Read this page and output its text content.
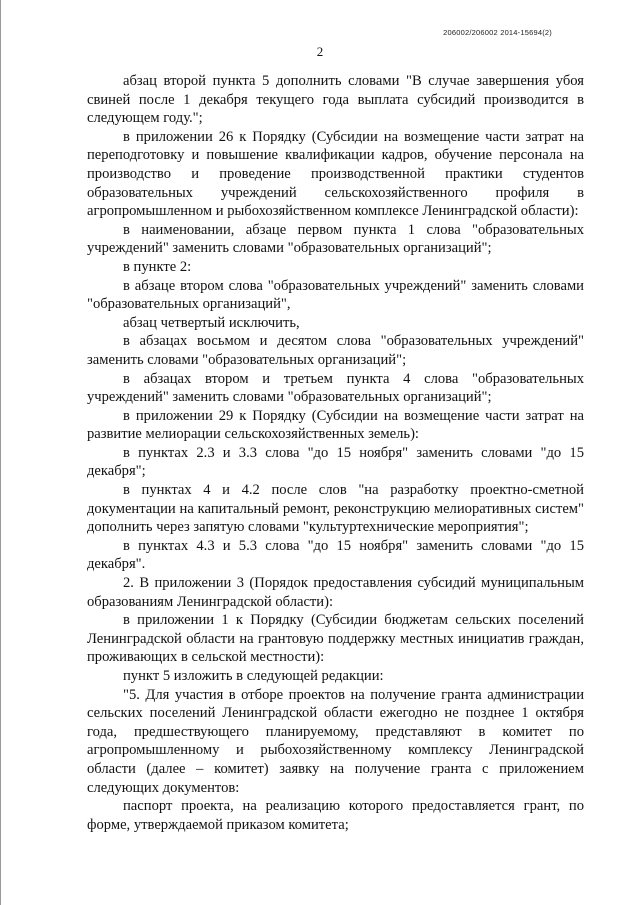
206002/206002 2014-15694(2)
2

абзац второй пункта 5 дополнить словами "В случае завершения убоя свиней после 1 декабря текущего года выплата субсидий производится в следующем году.";

в приложении 26 к Порядку (Субсидии на возмещение части затрат на переподготовку и повышение квалификации кадров, обучение персонала на производство и проведение производственной практики студентов образовательных учреждений сельскохозяйственного профиля в агропромышленном и рыбохозяйственном комплексе Ленинградской области):

в наименовании, абзаце первом пункта 1 слова "образовательных учреждений" заменить словами "образовательных организаций";

в пункте 2:

в абзаце втором слова "образовательных учреждений" заменить словами "образовательных организаций",

абзац четвертый исключить,

в абзацах восьмом и десятом слова "образовательных учреждений" заменить словами "образовательных организаций";

в абзацах втором и третьем пункта 4 слова "образовательных учреждений" заменить словами "образовательных организаций";

в приложении 29 к Порядку (Субсидии на возмещение части затрат на развитие мелиорации сельскохозяйственных земель):

в пунктах 2.3 и 3.3 слова "до 15 ноября" заменить словами "до 15 декабря";

в пунктах 4 и 4.2 после слов "на разработку проектно-сметной документации на капитальный ремонт, реконструкцию мелиоративных систем" дополнить через запятую словами "культуртехнические мероприятия";

в пунктах 4.3 и 5.3 слова "до 15 ноября" заменить словами "до 15 декабря".

2. В приложении 3 (Порядок предоставления субсидий муниципальным образованиям Ленинградской области):

в приложении 1 к Порядку (Субсидии бюджетам сельских поселений Ленинградской области на грантовую поддержку местных инициатив граждан, проживающих в сельской местности):

пункт 5 изложить в следующей редакции:

"5. Для участия в отборе проектов на получение гранта администрации сельских поселений Ленинградской области ежегодно не позднее 1 октября года, предшествующего планируемому, представляют в комитет по агропромышленному и рыбохозяйственному комплексу Ленинградской области (далее – комитет) заявку на получение гранта с приложением следующих документов:

паспорт проекта, на реализацию которого предоставляется грант, по форме, утверждаемой приказом комитета;
